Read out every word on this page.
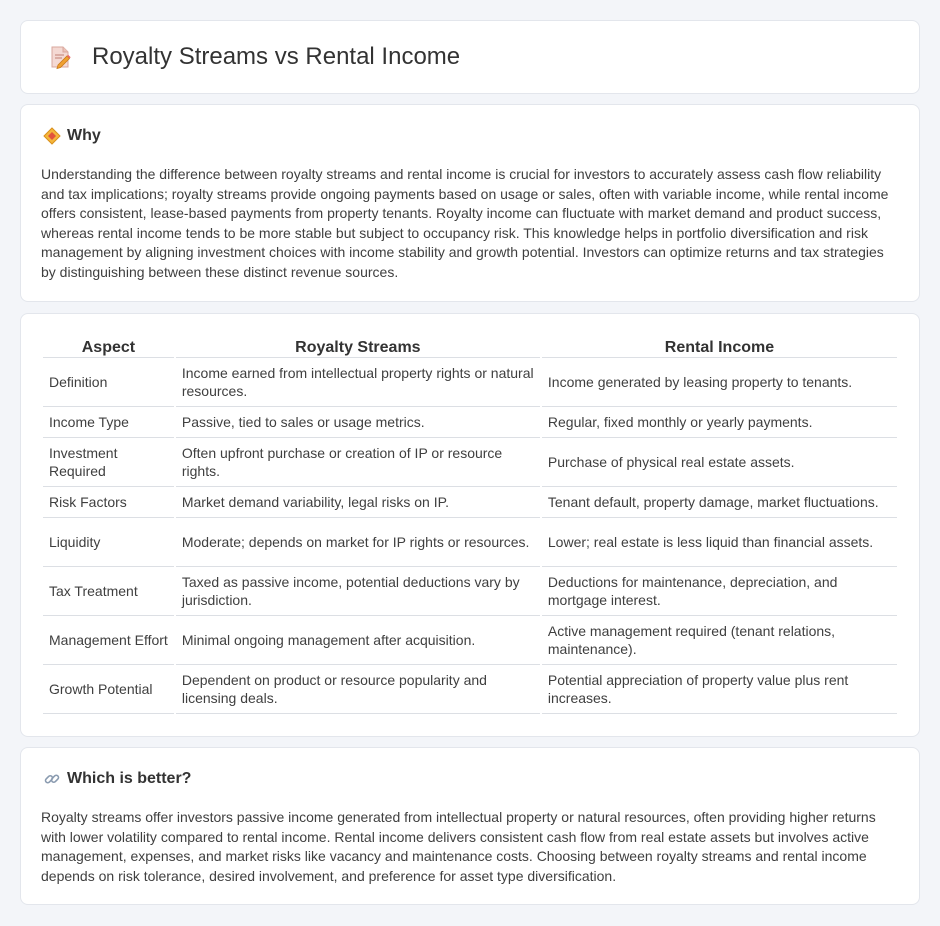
Royalty Streams vs Rental Income
Why

Understanding the difference between royalty streams and rental income is crucial for investors to accurately assess cash flow reliability and tax implications; royalty streams provide ongoing payments based on usage or sales, often with variable income, while rental income offers consistent, lease-based payments from property tenants. Royalty income can fluctuate with market demand and product success, whereas rental income tends to be more stable but subject to occupancy risk. This knowledge helps in portfolio diversification and risk management by aligning investment choices with income stability and growth potential. Investors can optimize returns and tax strategies by distinguishing between these distinct revenue sources.

Aspect	Royalty Streams	Rental Income
Definition	Income earned from intellectual property rights or natural resources.	Income generated by leasing property to tenants.
Income Type	Passive, tied to sales or usage metrics.	Regular, fixed monthly or yearly payments.
Investment Required	Often upfront purchase or creation of IP or resource rights.	Purchase of physical real estate assets.
Risk Factors	Market demand variability, legal risks on IP.	Tenant default, property damage, market fluctuations.
Liquidity	Moderate; depends on market for IP rights or resources.	Lower; real estate is less liquid than financial assets.
Tax Treatment	Taxed as passive income, potential deductions vary by jurisdiction.	Deductions for maintenance, depreciation, and mortgage interest.
Management Effort	Minimal ongoing management after acquisition.	Active management required (tenant relations, maintenance).
Growth Potential	Dependent on product or resource popularity and licensing deals.	Potential appreciation of property value plus rent increases.
Which is better?

Royalty streams offer investors passive income generated from intellectual property or natural resources, often providing higher returns with lower volatility compared to rental income. Rental income delivers consistent cash flow from real estate assets but involves active management, expenses, and market risks like vacancy and maintenance costs. Choosing between royalty streams and rental income depends on risk tolerance, desired involvement, and preference for asset type diversification.
